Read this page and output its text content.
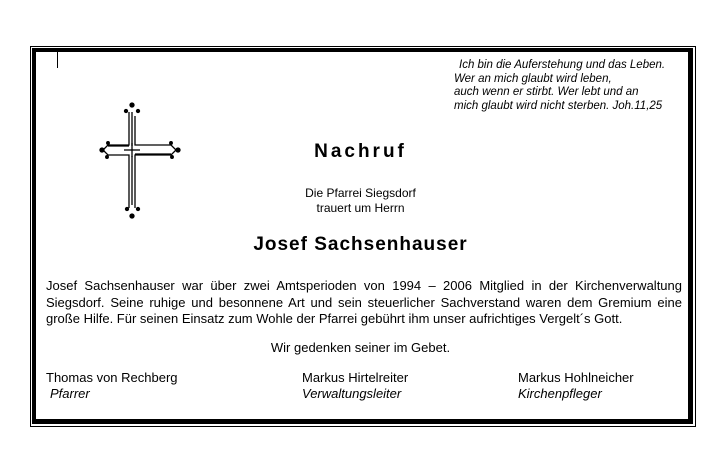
Ich bin die Auferstehung und das Leben.
Wer an mich glaubt wird leben,
auch wenn er stirbt. Wer lebt und an
mich glaubt wird nicht sterben. Joh.11,25
Nachruf
Die Pfarrei Siegsdorf
trauert um Herrn
Josef Sachsenhauser
Josef Sachsenhauser war über zwei Amtsperioden von 1994 – 2006 Mitglied in der Kirchenverwaltung Siegsdorf. Seine ruhige und besonnene Art und sein steuerlicher Sachverstand waren dem Gremium eine große Hilfe. Für seinen Einsatz zum Wohle der Pfarrei gebührt ihm unser aufrichtiges Vergelt´s Gott.
Wir gedenken seiner im Gebet.
Thomas von Rechberg
Pfarrer
Markus Hirtelreiter
Verwaltungsleiter
Markus Hohlneicher
Kirchenpfleger
